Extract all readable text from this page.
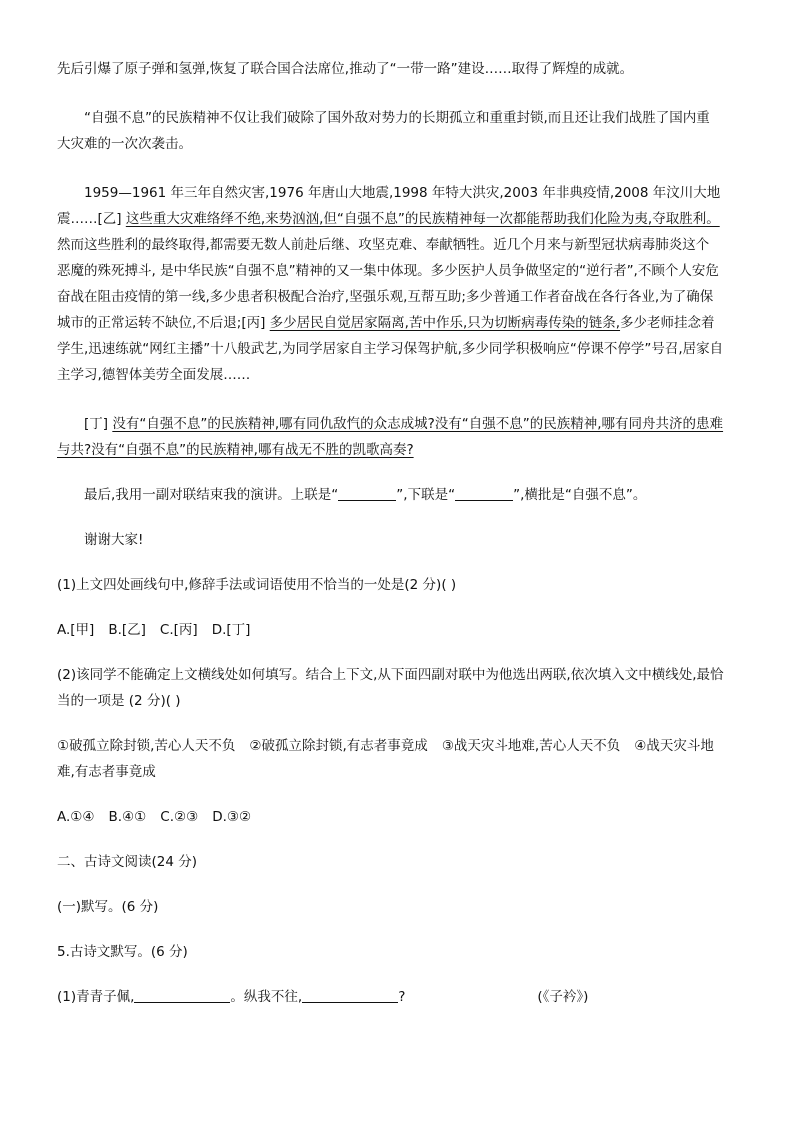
先后引爆了原子弹和氢弹,恢复了联合国合法席位,推动了“一带一路”建设……取得了辉煌的成就。
“自强不息”的民族精神不仅让我们破除了国外敌对势力的长期孤立和重重封锁,而且还让我们战胜了国内重
大灾难的一次次袭击。
1959—1961 年三年自然灾害,1976 年唐山大地震,1998 年特大洪灾,2003 年非典疫情,2008 年汶川大地
震……[乙] 这些重大灾难络绎不绝,来势汹汹,但“自强不息”的民族精神每一次都能帮助我们化险为夷,夺取胜利。
然而这些胜利的最终取得,都需要无数人前赴后继、攻坚克难、奉献牺牲。近几个月来与新型冠状病毒肺炎这个
恶魔的殊死搏斗, 是中华民族“自强不息”精神的又一集中体现。多少医护人员争做坚定的“逆行者”,不顾个人安危
奋战在阻击疫情的第一线,多少患者积极配合治疗,坚强乐观,互帮互助;多少普通工作者奋战在各行各业,为了确保
城市的正常运转不缺位,不后退;[丙] 多少居民自觉居家隔离,苦中作乐,只为切断病毒传染的链条,多少老师挂念着
学生,迅速练就“网红主播”十八般武艺,为同学居家自主学习保驾护航,多少同学积极响应“停课不停学”号召,居家自
主学习,德智体美劳全面发展……
[丁] 没有“自强不息”的民族精神,哪有同仇敌忾的众志成城?没有“自强不息”的民族精神,哪有同舟共济的患难
与共?没有“自强不息”的民族精神,哪有战无不胜的凯歌高奏?
最后,我用一副对联结束我的演讲。上联是“	”,下联是“	”,横批是“自强不息”。
谢谢大家!
(1)上文四处画线句中,修辞手法或词语使用不恰当的一处是(2 分)( )
A.[甲] B.[乙] C.[丙] D.[丁]
(2)该同学不能确定上文横线处如何填写。结合上下文,从下面四副对联中为他选出两联,依次填入文中横线处,最恰
当的一项是 (2 分)( )
①破孤立除封锁,苦心人天不负 ②破孤立除封锁,有志者事竟成 ③战天灾斗地难,苦心人天不负 ④战天灾斗地
难,有志者事竟成
A.①④ B.④① C.②③ D.③②
二、古诗文阅读(24 分)
(一)默写。(6 分)
5.古诗文默写。(6 分)
(1)青青子佩,	。纵我不往,	?	(《子衿》)
